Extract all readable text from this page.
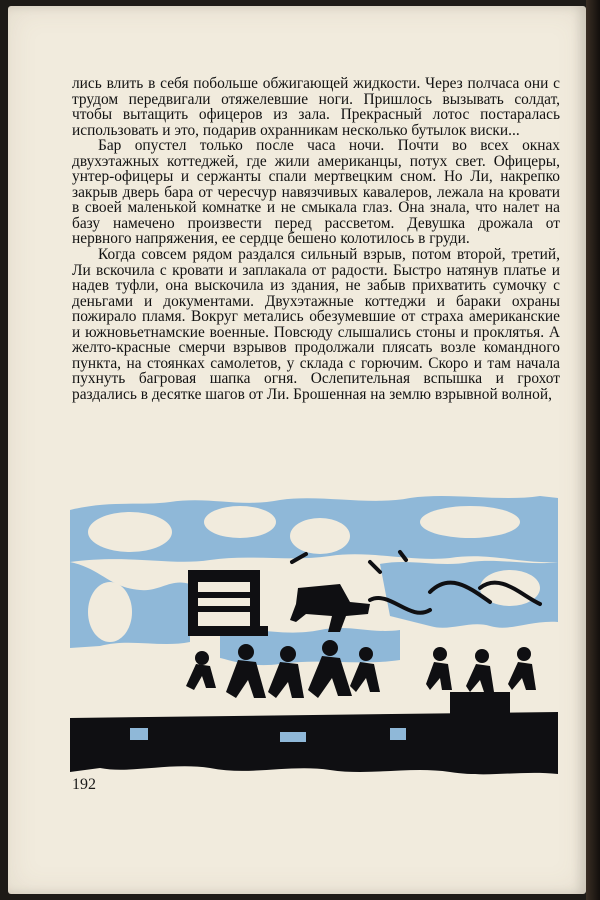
лись влить в себя побольше обжигающей жидкости. Через полчаса они с трудом передвигали отяжелевшие ноги. Пришлось вызывать солдат, чтобы вытащить офицеров из зала. Прекрасный лотос постаралась использовать и это, подарив охранникам несколько бутылок виски...

Бар опустел только после часа ночи. Почти во всех окнах двухэтажных коттеджей, где жили американцы, потух свет. Офицеры, унтер-офицеры и сержанты спали мертвецким сном. Но Ли, накрепко закрыв дверь бара от чересчур навязчивых кавалеров, лежала на кровати в своей маленькой комнатке и не смыкала глаз. Она знала, что налет на базу намечено произвести перед рассветом. Девушка дрожала от нервного напряжения, ее сердце бешено колотилось в груди.

Когда совсем рядом раздался сильный взрыв, потом второй, третий, Ли вскочила с кровати и заплакала от радости. Быстро натянув платье и надев туфли, она выскочила из здания, не забыв прихватить сумочку с деньгами и документами. Двухэтажные коттеджи и бараки охраны пожирало пламя. Вокруг метались обезумевшие от страха американские и южновьетнамские военные. Повсюду слышались стоны и проклятья. А желто-красные смерчи взрывов продолжали плясать возле командного пункта, на стоянках самолетов, у склада с горючим. Скоро и там начала пухнуть багровая шапка огня. Ослепительная вспышка и грохот раздались в десятке шагов от Ли. Брошенная на землю взрывной волной,

192
